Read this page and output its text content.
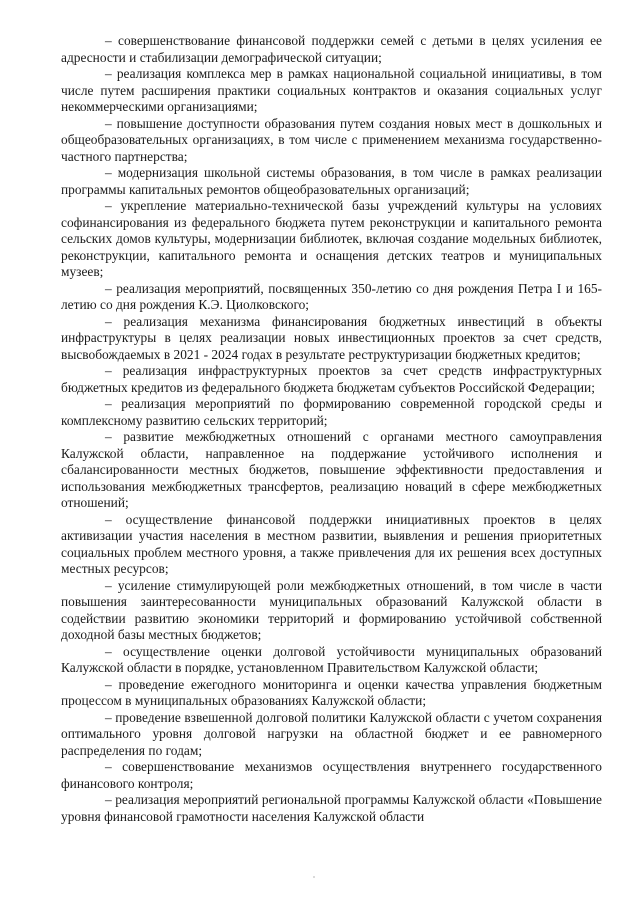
– совершенствование финансовой поддержки семей с детьми в целях усиления ее адресности и стабилизации демографической ситуации;

– реализация комплекса мер в рамках национальной социальной инициативы, в том числе путем расширения практики социальных контрактов и оказания социальных услуг некоммерческими организациями;

– повышение доступности образования путем создания новых мест в дошкольных и общеобразовательных организациях, в том числе с применением механизма государственно-частного партнерства;

– модернизация школьной системы образования, в том числе в рамках реализации программы капитальных ремонтов общеобразовательных организаций;

– укрепление материально-технической базы учреждений культуры на условиях софинансирования из федерального бюджета путем реконструкции и капитального ремонта сельских домов культуры, модернизации библиотек, включая создание модельных библиотек, реконструкции, капитального ремонта и оснащения детских театров и муниципальных музеев;

– реализация мероприятий, посвященных 350-летию со дня рождения Петра I и 165-летию со дня рождения К.Э. Циолковского;

– реализация механизма финансирования бюджетных инвестиций в объекты инфраструктуры в целях реализации новых инвестиционных проектов за счет средств, высвобождаемых в 2021 - 2024 годах в результате реструктуризации бюджетных кредитов;

– реализация инфраструктурных проектов за счет средств инфраструктурных бюджетных кредитов из федерального бюджета бюджетам субъектов Российской Федерации;

– реализация мероприятий по формированию современной городской среды и комплексному развитию сельских территорий;

– развитие межбюджетных отношений с органами местного самоуправления Калужской области, направленное на поддержание устойчивого исполнения и сбалансированности местных бюджетов, повышение эффективности предоставления и использования межбюджетных трансфертов, реализацию новаций в сфере межбюджетных отношений;

– осуществление финансовой поддержки инициативных проектов в целях активизации участия населения в местном развитии, выявления и решения приоритетных социальных проблем местного уровня, а также привлечения для их решения всех доступных местных ресурсов;

– усиление стимулирующей роли межбюджетных отношений, в том числе в части повышения заинтересованности муниципальных образований Калужской области в содействии развитию экономики территорий и формированию устойчивой собственной доходной базы местных бюджетов;

– осуществление оценки долговой устойчивости муниципальных образований Калужской области в порядке, установленном Правительством Калужской области;

– проведение ежегодного мониторинга и оценки качества управления бюджетным процессом в муниципальных образованиях Калужской области;

– проведение взвешенной долговой политики Калужской области с учетом сохранения оптимального уровня долговой нагрузки на областной бюджет и ее равномерного распределения по годам;

– совершенствование механизмов осуществления внутреннего государственного финансового контроля;

– реализация мероприятий региональной программы Калужской области «Повышение уровня финансовой грамотности населения Калужской области
